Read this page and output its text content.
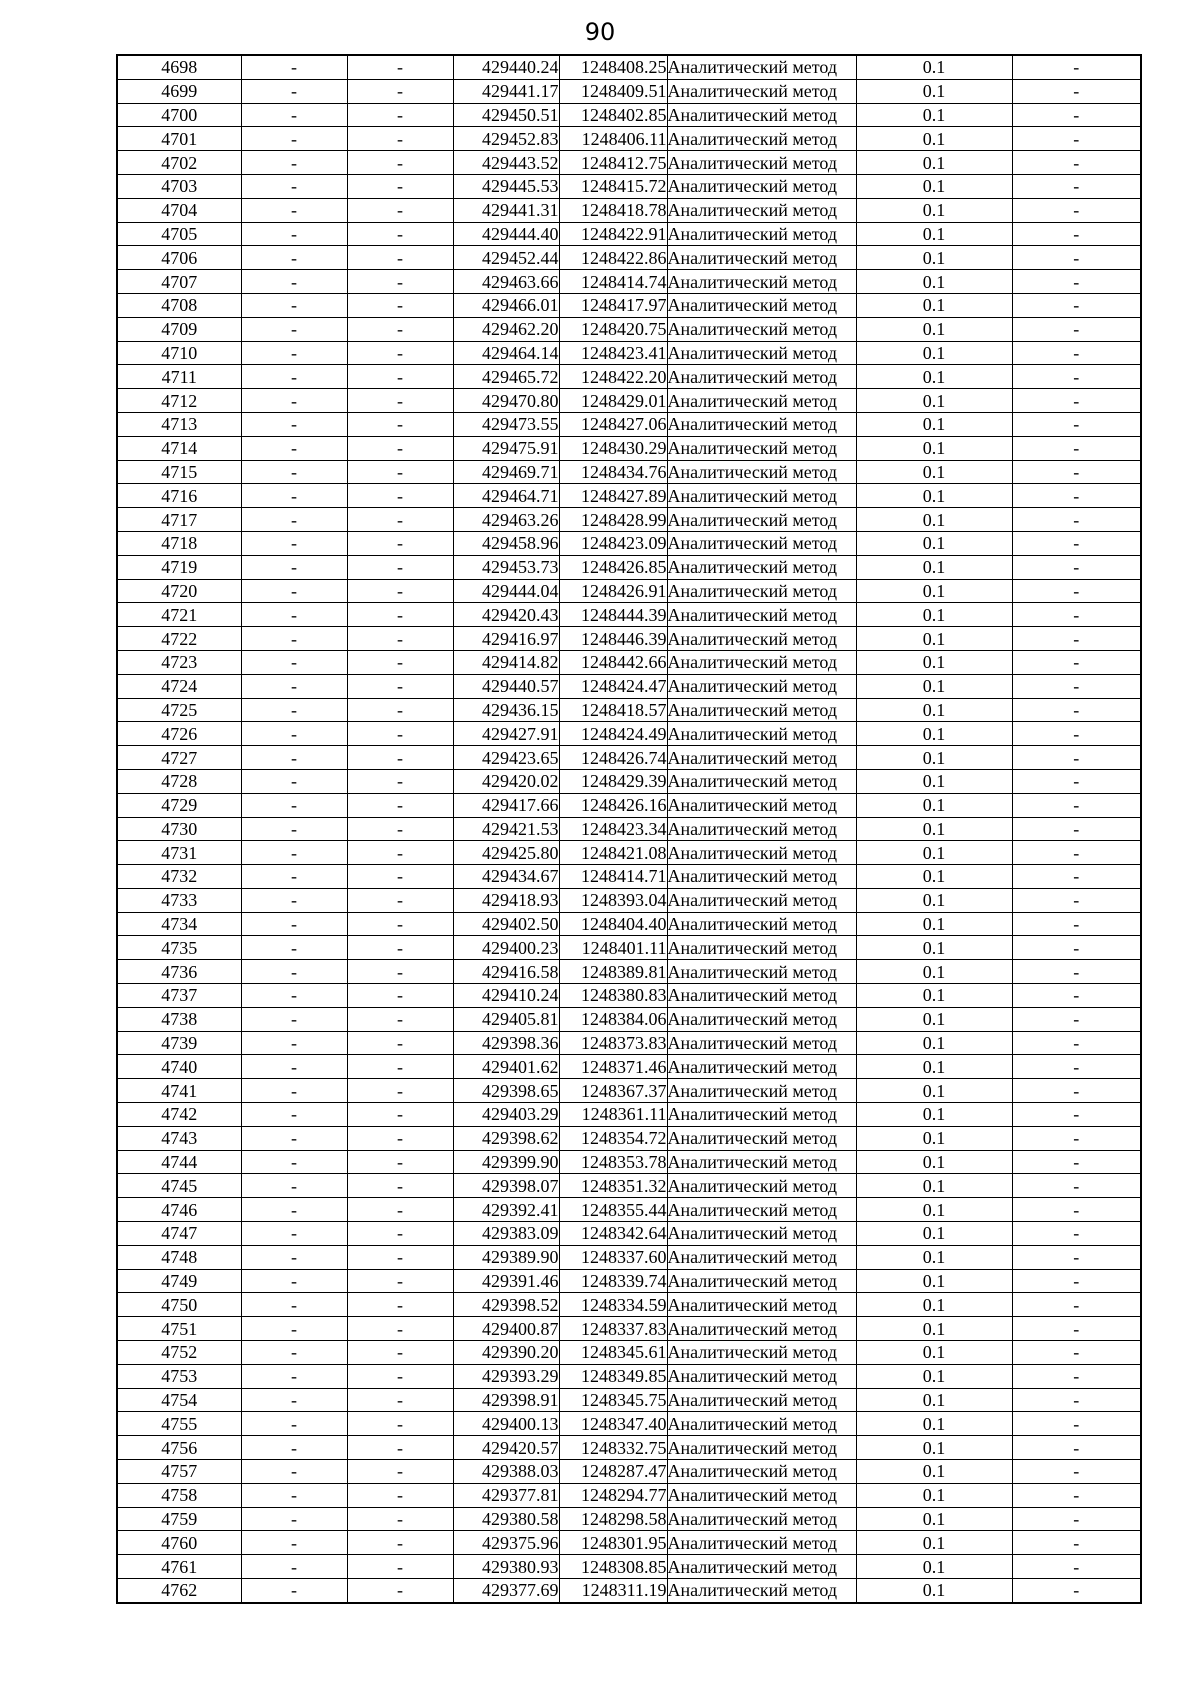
90
4698	-	-	429440.24	1248408.25	Аналитический метод	0.1	-
4699	-	-	429441.17	1248409.51	Аналитический метод	0.1	-
4700	-	-	429450.51	1248402.85	Аналитический метод	0.1	-
4701	-	-	429452.83	1248406.11	Аналитический метод	0.1	-
4702	-	-	429443.52	1248412.75	Аналитический метод	0.1	-
4703	-	-	429445.53	1248415.72	Аналитический метод	0.1	-
4704	-	-	429441.31	1248418.78	Аналитический метод	0.1	-
4705	-	-	429444.40	1248422.91	Аналитический метод	0.1	-
4706	-	-	429452.44	1248422.86	Аналитический метод	0.1	-
4707	-	-	429463.66	1248414.74	Аналитический метод	0.1	-
4708	-	-	429466.01	1248417.97	Аналитический метод	0.1	-
4709	-	-	429462.20	1248420.75	Аналитический метод	0.1	-
4710	-	-	429464.14	1248423.41	Аналитический метод	0.1	-
4711	-	-	429465.72	1248422.20	Аналитический метод	0.1	-
4712	-	-	429470.80	1248429.01	Аналитический метод	0.1	-
4713	-	-	429473.55	1248427.06	Аналитический метод	0.1	-
4714	-	-	429475.91	1248430.29	Аналитический метод	0.1	-
4715	-	-	429469.71	1248434.76	Аналитический метод	0.1	-
4716	-	-	429464.71	1248427.89	Аналитический метод	0.1	-
4717	-	-	429463.26	1248428.99	Аналитический метод	0.1	-
4718	-	-	429458.96	1248423.09	Аналитический метод	0.1	-
4719	-	-	429453.73	1248426.85	Аналитический метод	0.1	-
4720	-	-	429444.04	1248426.91	Аналитический метод	0.1	-
4721	-	-	429420.43	1248444.39	Аналитический метод	0.1	-
4722	-	-	429416.97	1248446.39	Аналитический метод	0.1	-
4723	-	-	429414.82	1248442.66	Аналитический метод	0.1	-
4724	-	-	429440.57	1248424.47	Аналитический метод	0.1	-
4725	-	-	429436.15	1248418.57	Аналитический метод	0.1	-
4726	-	-	429427.91	1248424.49	Аналитический метод	0.1	-
4727	-	-	429423.65	1248426.74	Аналитический метод	0.1	-
4728	-	-	429420.02	1248429.39	Аналитический метод	0.1	-
4729	-	-	429417.66	1248426.16	Аналитический метод	0.1	-
4730	-	-	429421.53	1248423.34	Аналитический метод	0.1	-
4731	-	-	429425.80	1248421.08	Аналитический метод	0.1	-
4732	-	-	429434.67	1248414.71	Аналитический метод	0.1	-
4733	-	-	429418.93	1248393.04	Аналитический метод	0.1	-
4734	-	-	429402.50	1248404.40	Аналитический метод	0.1	-
4735	-	-	429400.23	1248401.11	Аналитический метод	0.1	-
4736	-	-	429416.58	1248389.81	Аналитический метод	0.1	-
4737	-	-	429410.24	1248380.83	Аналитический метод	0.1	-
4738	-	-	429405.81	1248384.06	Аналитический метод	0.1	-
4739	-	-	429398.36	1248373.83	Аналитический метод	0.1	-
4740	-	-	429401.62	1248371.46	Аналитический метод	0.1	-
4741	-	-	429398.65	1248367.37	Аналитический метод	0.1	-
4742	-	-	429403.29	1248361.11	Аналитический метод	0.1	-
4743	-	-	429398.62	1248354.72	Аналитический метод	0.1	-
4744	-	-	429399.90	1248353.78	Аналитический метод	0.1	-
4745	-	-	429398.07	1248351.32	Аналитический метод	0.1	-
4746	-	-	429392.41	1248355.44	Аналитический метод	0.1	-
4747	-	-	429383.09	1248342.64	Аналитический метод	0.1	-
4748	-	-	429389.90	1248337.60	Аналитический метод	0.1	-
4749	-	-	429391.46	1248339.74	Аналитический метод	0.1	-
4750	-	-	429398.52	1248334.59	Аналитический метод	0.1	-
4751	-	-	429400.87	1248337.83	Аналитический метод	0.1	-
4752	-	-	429390.20	1248345.61	Аналитический метод	0.1	-
4753	-	-	429393.29	1248349.85	Аналитический метод	0.1	-
4754	-	-	429398.91	1248345.75	Аналитический метод	0.1	-
4755	-	-	429400.13	1248347.40	Аналитический метод	0.1	-
4756	-	-	429420.57	1248332.75	Аналитический метод	0.1	-
4757	-	-	429388.03	1248287.47	Аналитический метод	0.1	-
4758	-	-	429377.81	1248294.77	Аналитический метод	0.1	-
4759	-	-	429380.58	1248298.58	Аналитический метод	0.1	-
4760	-	-	429375.96	1248301.95	Аналитический метод	0.1	-
4761	-	-	429380.93	1248308.85	Аналитический метод	0.1	-
4762	-	-	429377.69	1248311.19	Аналитический метод	0.1	-
